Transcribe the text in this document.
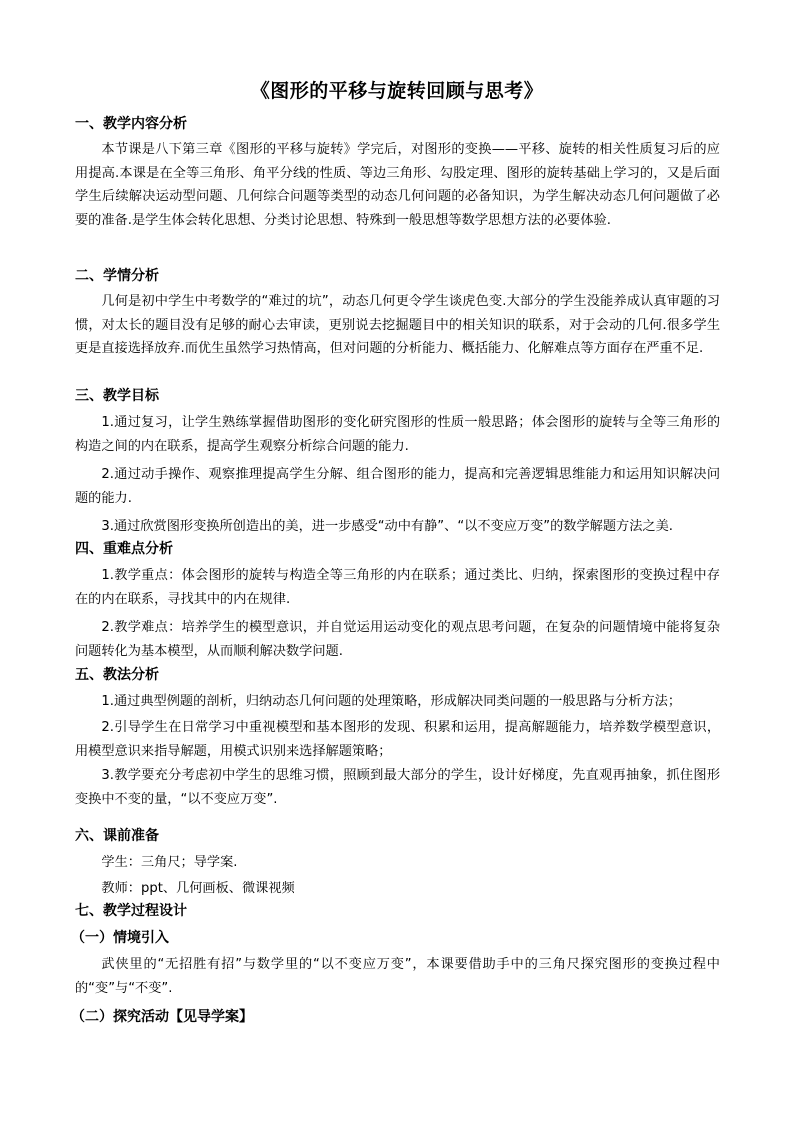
《图形的平移与旋转回顾与思考》

一、教学内容分析

本节课是八下第三章《图形的平移与旋转》学完后，对图形的变换——平移、旋转的相关性质复习后的应用提高.本课是在全等三角形、角平分线的性质、等边三角形、勾股定理、图形的旋转基础上学习的，又是后面学生后续解决运动型问题、几何综合问题等类型的动态几何问题的必备知识，为学生解决动态几何问题做了必要的准备.是学生体会转化思想、分类讨论思想、特殊到一般思想等数学思想方法的必要体验.

二、学情分析

几何是初中学生中考数学的“难过的坑”，动态几何更令学生谈虎色变.大部分的学生没能养成认真审题的习惯，对太长的题目没有足够的耐心去审读，更别说去挖掘题目中的相关知识的联系，对于会动的几何.很多学生更是直接选择放弃.而优生虽然学习热情高，但对问题的分析能力、概括能力、化解难点等方面存在严重不足.

三、教学目标

1.通过复习，让学生熟练掌握借助图形的变化研究图形的性质一般思路；体会图形的旋转与全等三角形的构造之间的内在联系，提高学生观察分析综合问题的能力.

2.通过动手操作、观察推理提高学生分解、组合图形的能力，提高和完善逻辑思维能力和运用知识解决问题的能力.

3.通过欣赏图形变换所创造出的美，进一步感受“动中有静”、“以不变应万变”的数学解题方法之美.

四、重难点分析

1.教学重点：体会图形的旋转与构造全等三角形的内在联系；通过类比、归纳，探索图形的变换过程中存在的内在联系，寻找其中的内在规律.

2.教学难点：培养学生的模型意识，并自觉运用运动变化的观点思考问题，在复杂的问题情境中能将复杂问题转化为基本模型，从而顺利解决数学问题.

五、教法分析

1.通过典型例题的剖析，归纳动态几何问题的处理策略，形成解决同类问题的一般思路与分析方法；

2.引导学生在日常学习中重视模型和基本图形的发现、积累和运用，提高解题能力，培养数学模型意识，用模型意识来指导解题，用模式识别来选择解题策略；

3.教学要充分考虑初中学生的思维习惯，照顾到最大部分的学生，设计好梯度，先直观再抽象，抓住图形变换中不变的量，“以不变应万变”.

六、课前准备

学生：三角尺；导学案.

教师：ppt、几何画板、微课视频

七、教学过程设计

（一）情境引入

武侠里的“无招胜有招”与数学里的“以不变应万变”，本课要借助手中的三角尺探究图形的变换过程中的“变”与“不变”.

（二）探究活动【见导学案】
